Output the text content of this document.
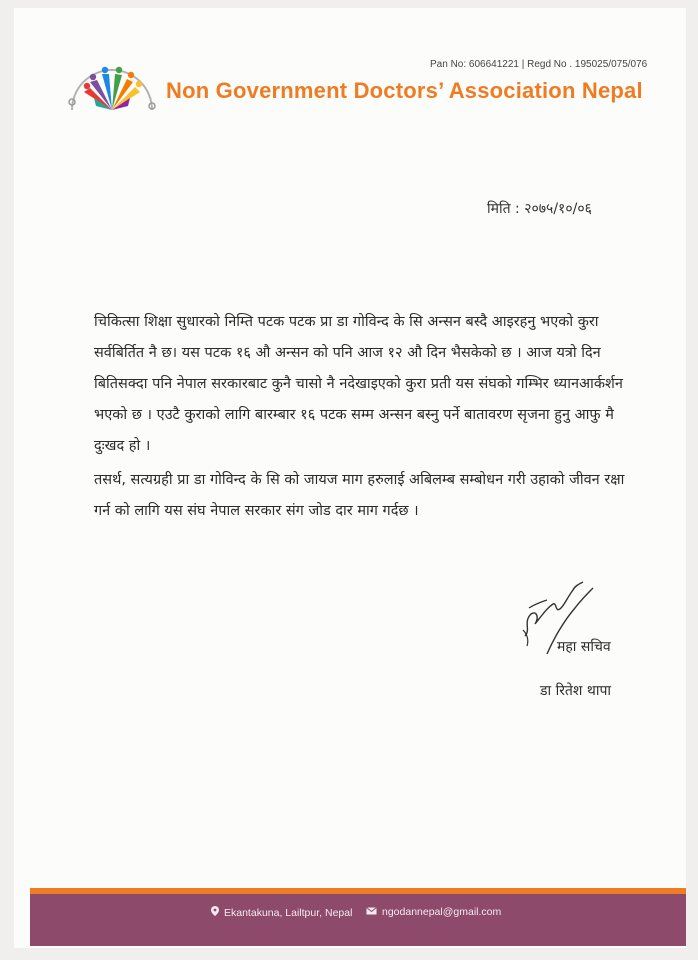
Pan No: 606641221 | Regd No . 195025/075/076
Non Government Doctors’ Association Nepal
मिति : २०७५/१०/०६
चिकित्सा शिक्षा सुधारको निम्ति पटक पटक प्रा डा गोविन्द के सि अन्सन बस्दै आइरहनु भएको कुरा सर्वबिर्तित नै छ। यस पटक १६ औ अन्सन को पनि आज १२ औ दिन भैसकेको छ । आज यत्रो दिन बितिसक्दा पनि नेपाल सरकारबाट कुनै चासो नै नदेखाइएको कुरा प्रती यस संघको गम्भिर ध्यानआर्कर्शन भएको छ । एउटै कुराको लागि बारम्बार १६ पटक सम्म अन्सन बस्नु पर्ने बातावरण सृजना हुनु आफु मै दुःखद हो ।
तसर्थ, सत्यग्रही प्रा डा गोविन्द के सि को जायज माग हरुलाई अबिलम्ब सम्बोधन गरी उहाको जीवन रक्षा गर्न को लागि यस संघ नेपाल सरकार संग जोड दार माग गर्दछ ।
महा सचिव
डा रितेश थापा
Ekantakuna, Lailtpur, Nepal	ngodannepal@gmail.com
